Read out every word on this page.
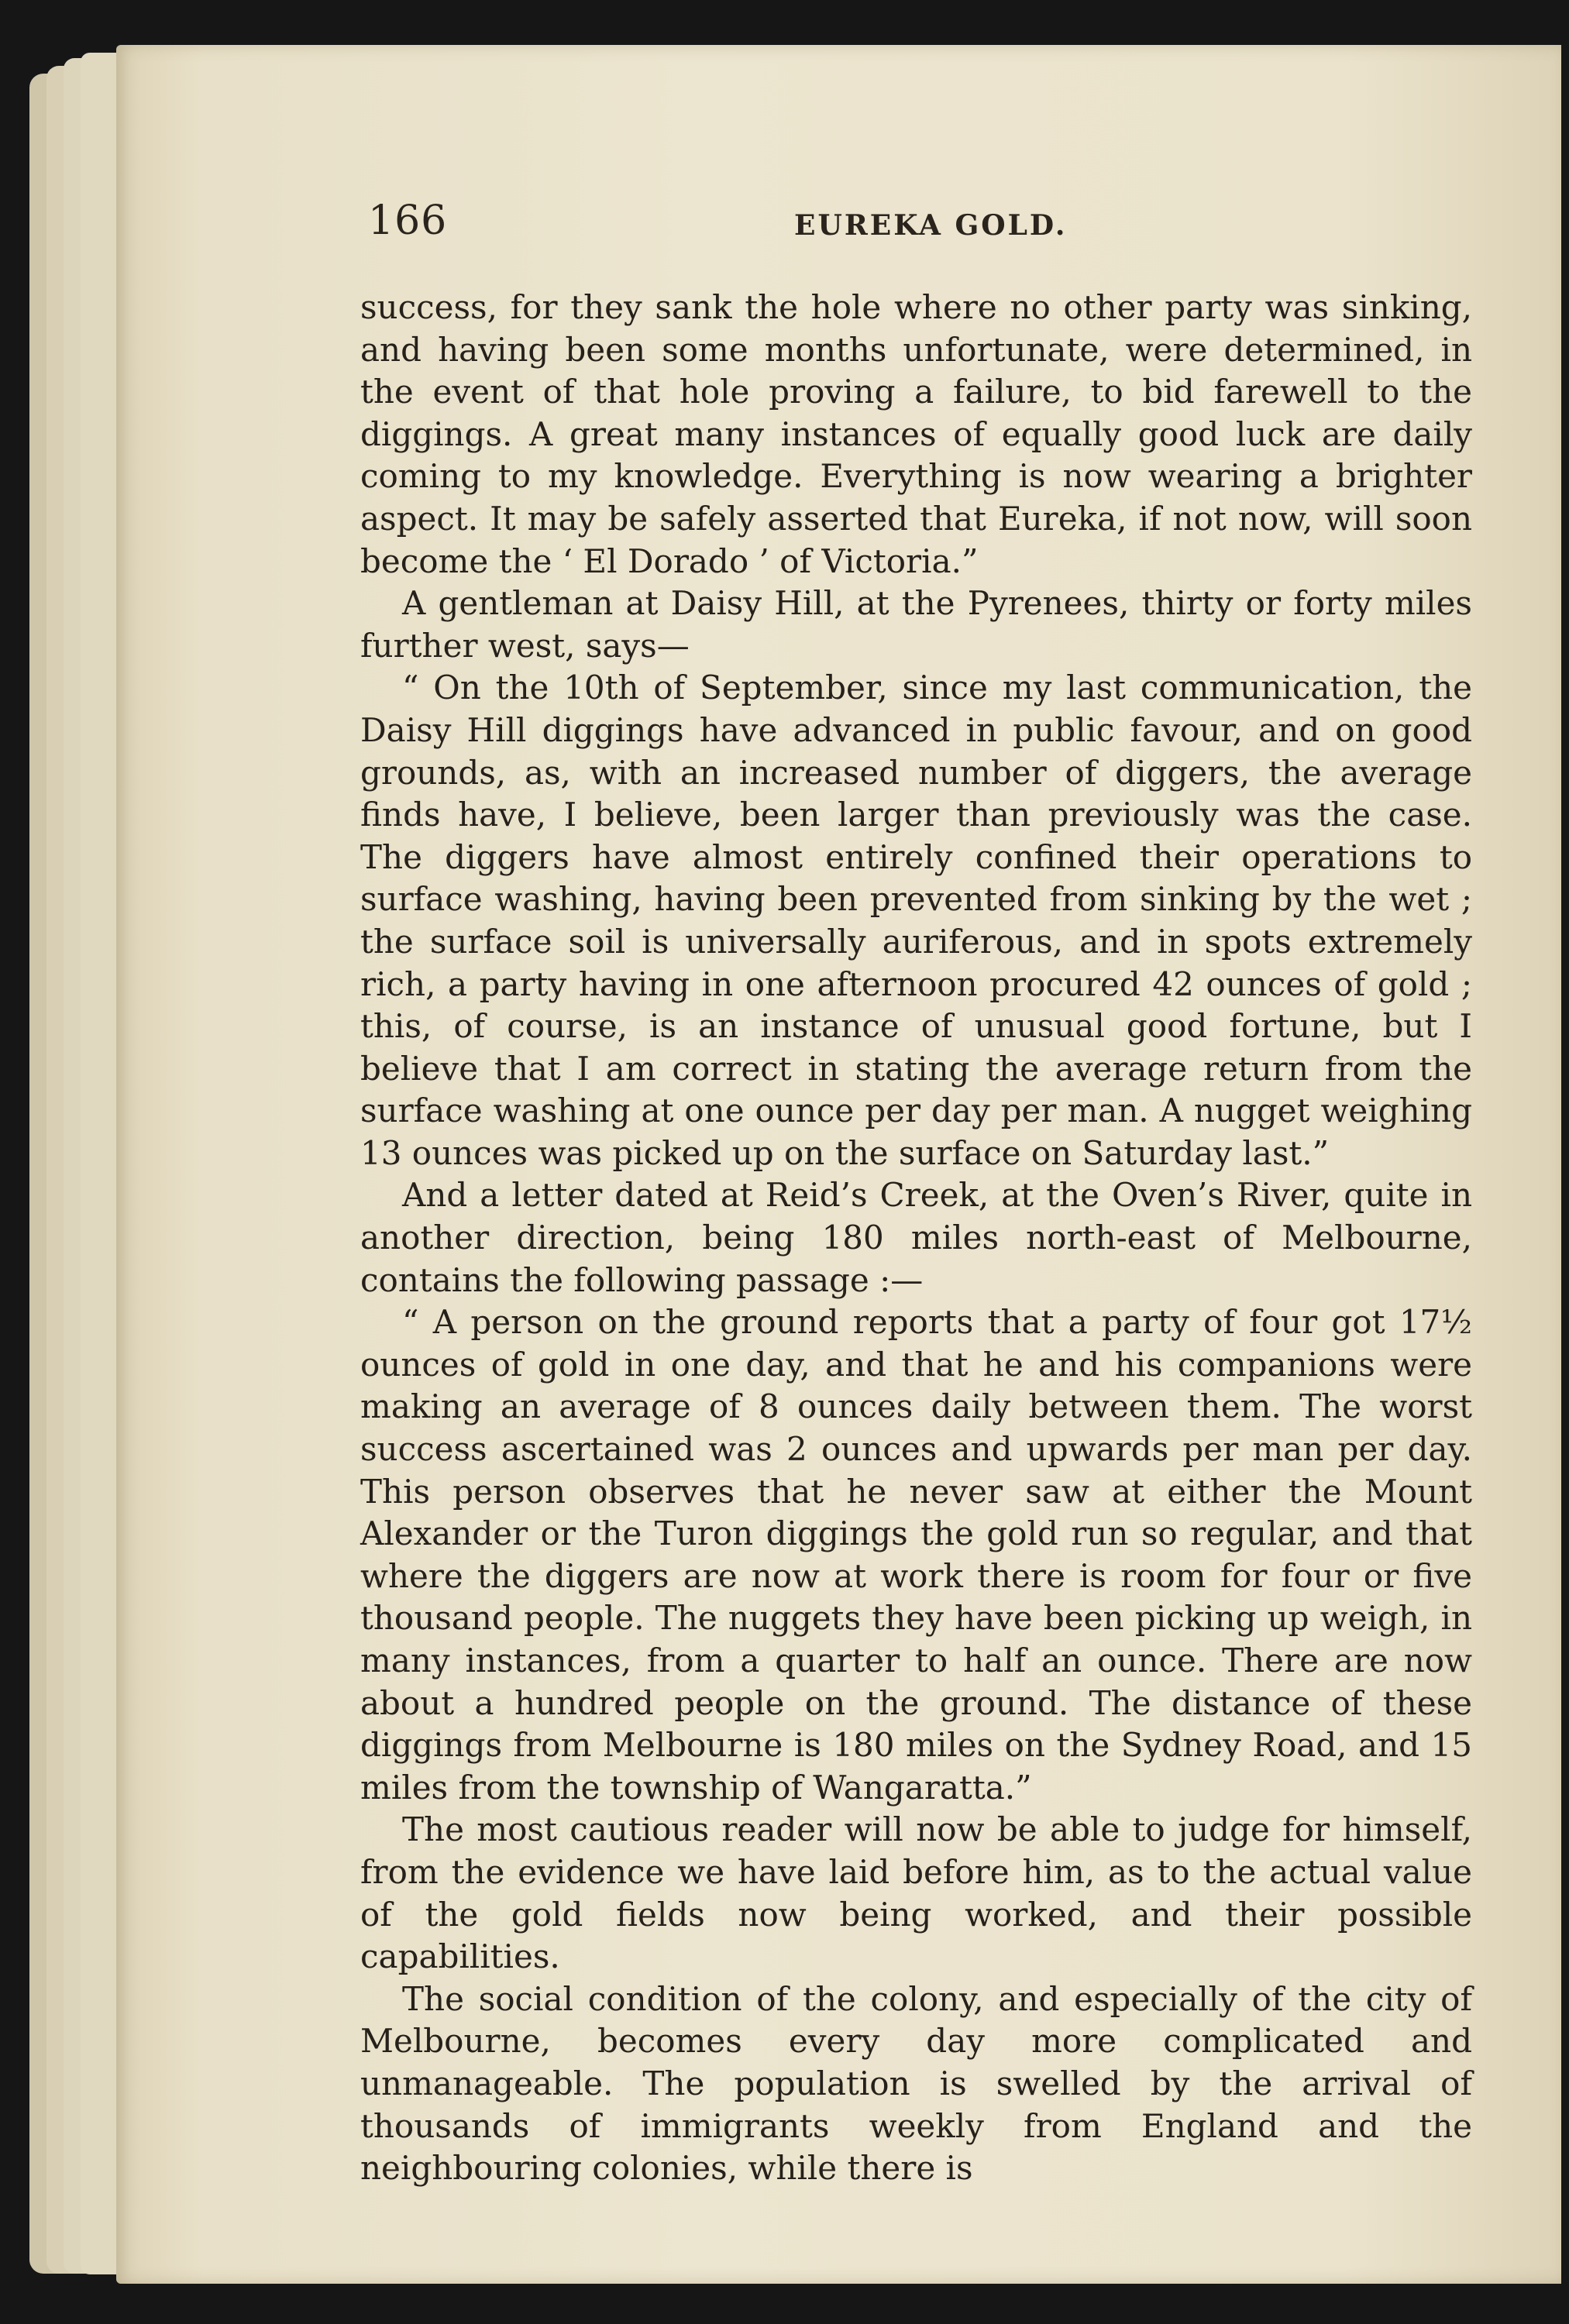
166	EUREKA GOLD.

success, for they sank the hole where no other party was sinking, and having been some months unfortunate, were determined, in the event of that hole proving a failure, to bid farewell to the diggings. A great many instances of equally good luck are daily coming to my knowledge. Everything is now wearing a brighter aspect. It may be safely asserted that Eureka, if not now, will soon become the ‘ El Dorado ’ of Victoria.”

A gentleman at Daisy Hill, at the Pyrenees, thirty or forty miles further west, says—

“ On the 10th of September, since my last communication, the Daisy Hill diggings have advanced in public favour, and on good grounds, as, with an increased number of diggers, the average finds have, I believe, been larger than previously was the case. The diggers have almost entirely confined their operations to surface washing, having been prevented from sinking by the wet ; the surface soil is universally auriferous, and in spots extremely rich, a party having in one afternoon procured 42 ounces of gold ; this, of course, is an instance of unusual good fortune, but I believe that I am correct in stating the average return from the surface washing at one ounce per day per man. A nugget weighing 13 ounces was picked up on the surface on Saturday last.”

And a letter dated at Reid’s Creek, at the Oven’s River, quite in another direction, being 180 miles north-east of Melbourne, contains the following passage :—

“ A person on the ground reports that a party of four got 17½ ounces of gold in one day, and that he and his companions were making an average of 8 ounces daily between them. The worst success ascertained was 2 ounces and upwards per man per day. This person observes that he never saw at either the Mount Alexander or the Turon diggings the gold run so regular, and that where the diggers are now at work there is room for four or five thousand people. The nuggets they have been picking up weigh, in many instances, from a quarter to half an ounce. There are now about a hundred people on the ground. The distance of these diggings from Melbourne is 180 miles on the Sydney Road, and 15 miles from the township of Wangaratta.”

The most cautious reader will now be able to judge for himself, from the evidence we have laid before him, as to the actual value of the gold fields now being worked, and their possible capabilities.

The social condition of the colony, and especially of the city of Melbourne, becomes every day more complicated and unmanageable. The population is swelled by the arrival of thousands of immigrants weekly from England and the neighbouring colonies, while there is
